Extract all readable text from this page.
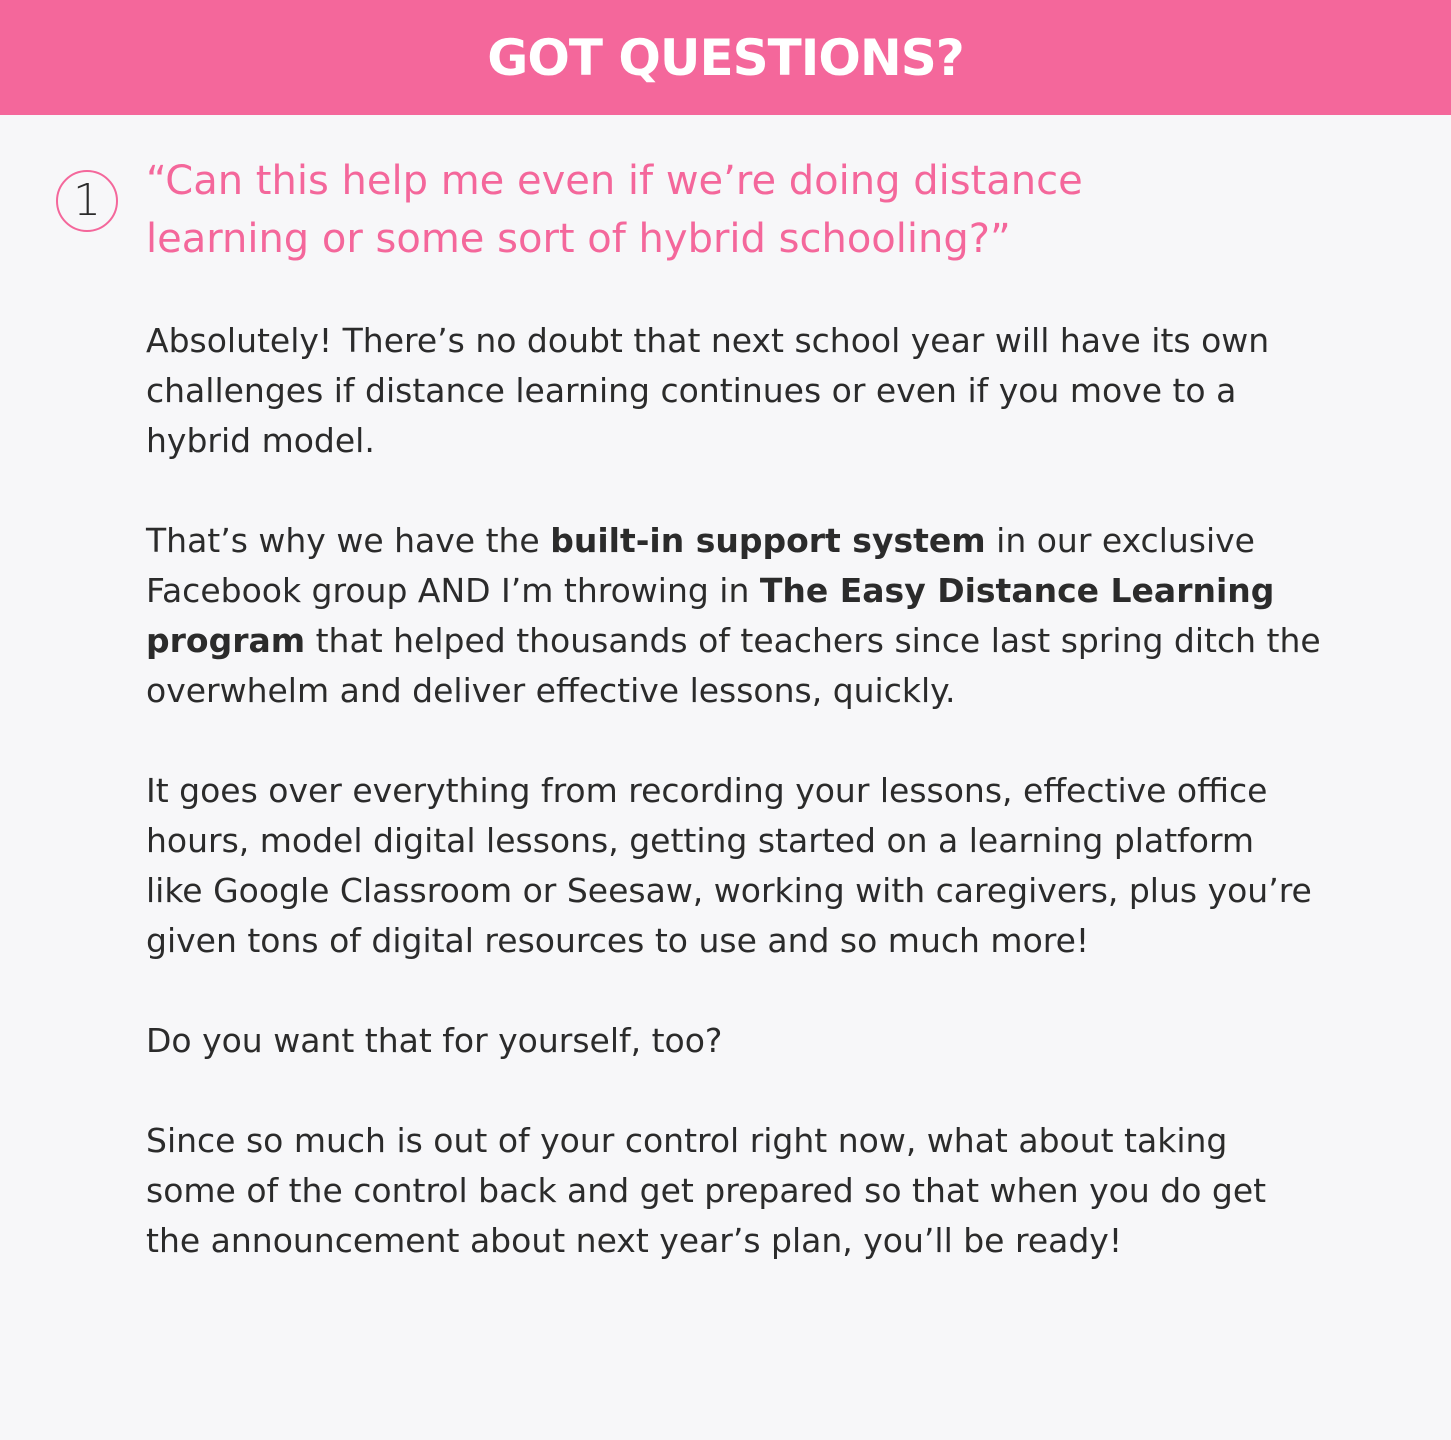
GOT QUESTIONS?
1	“Can this help me even if we’re doing distance learning or some sort of hybrid schooling?”

Absolutely! There’s no doubt that next school year will have its own challenges if distance learning continues or even if you move to a hybrid model.

That’s why we have the built-in support system in our exclusive Facebook group AND I’m throwing in The Easy Distance Learning program that helped thousands of teachers since last spring ditch the overwhelm and deliver effective lessons, quickly.

It goes over everything from recording your lessons, effective office hours, model digital lessons, getting started on a learning platform like Google Classroom or Seesaw, working with caregivers, plus you’re given tons of digital resources to use and so much more!

Do you want that for yourself, too?

Since so much is out of your control right now, what about taking some of the control back and get prepared so that when you do get the announcement about next year’s plan, you’ll be ready!
